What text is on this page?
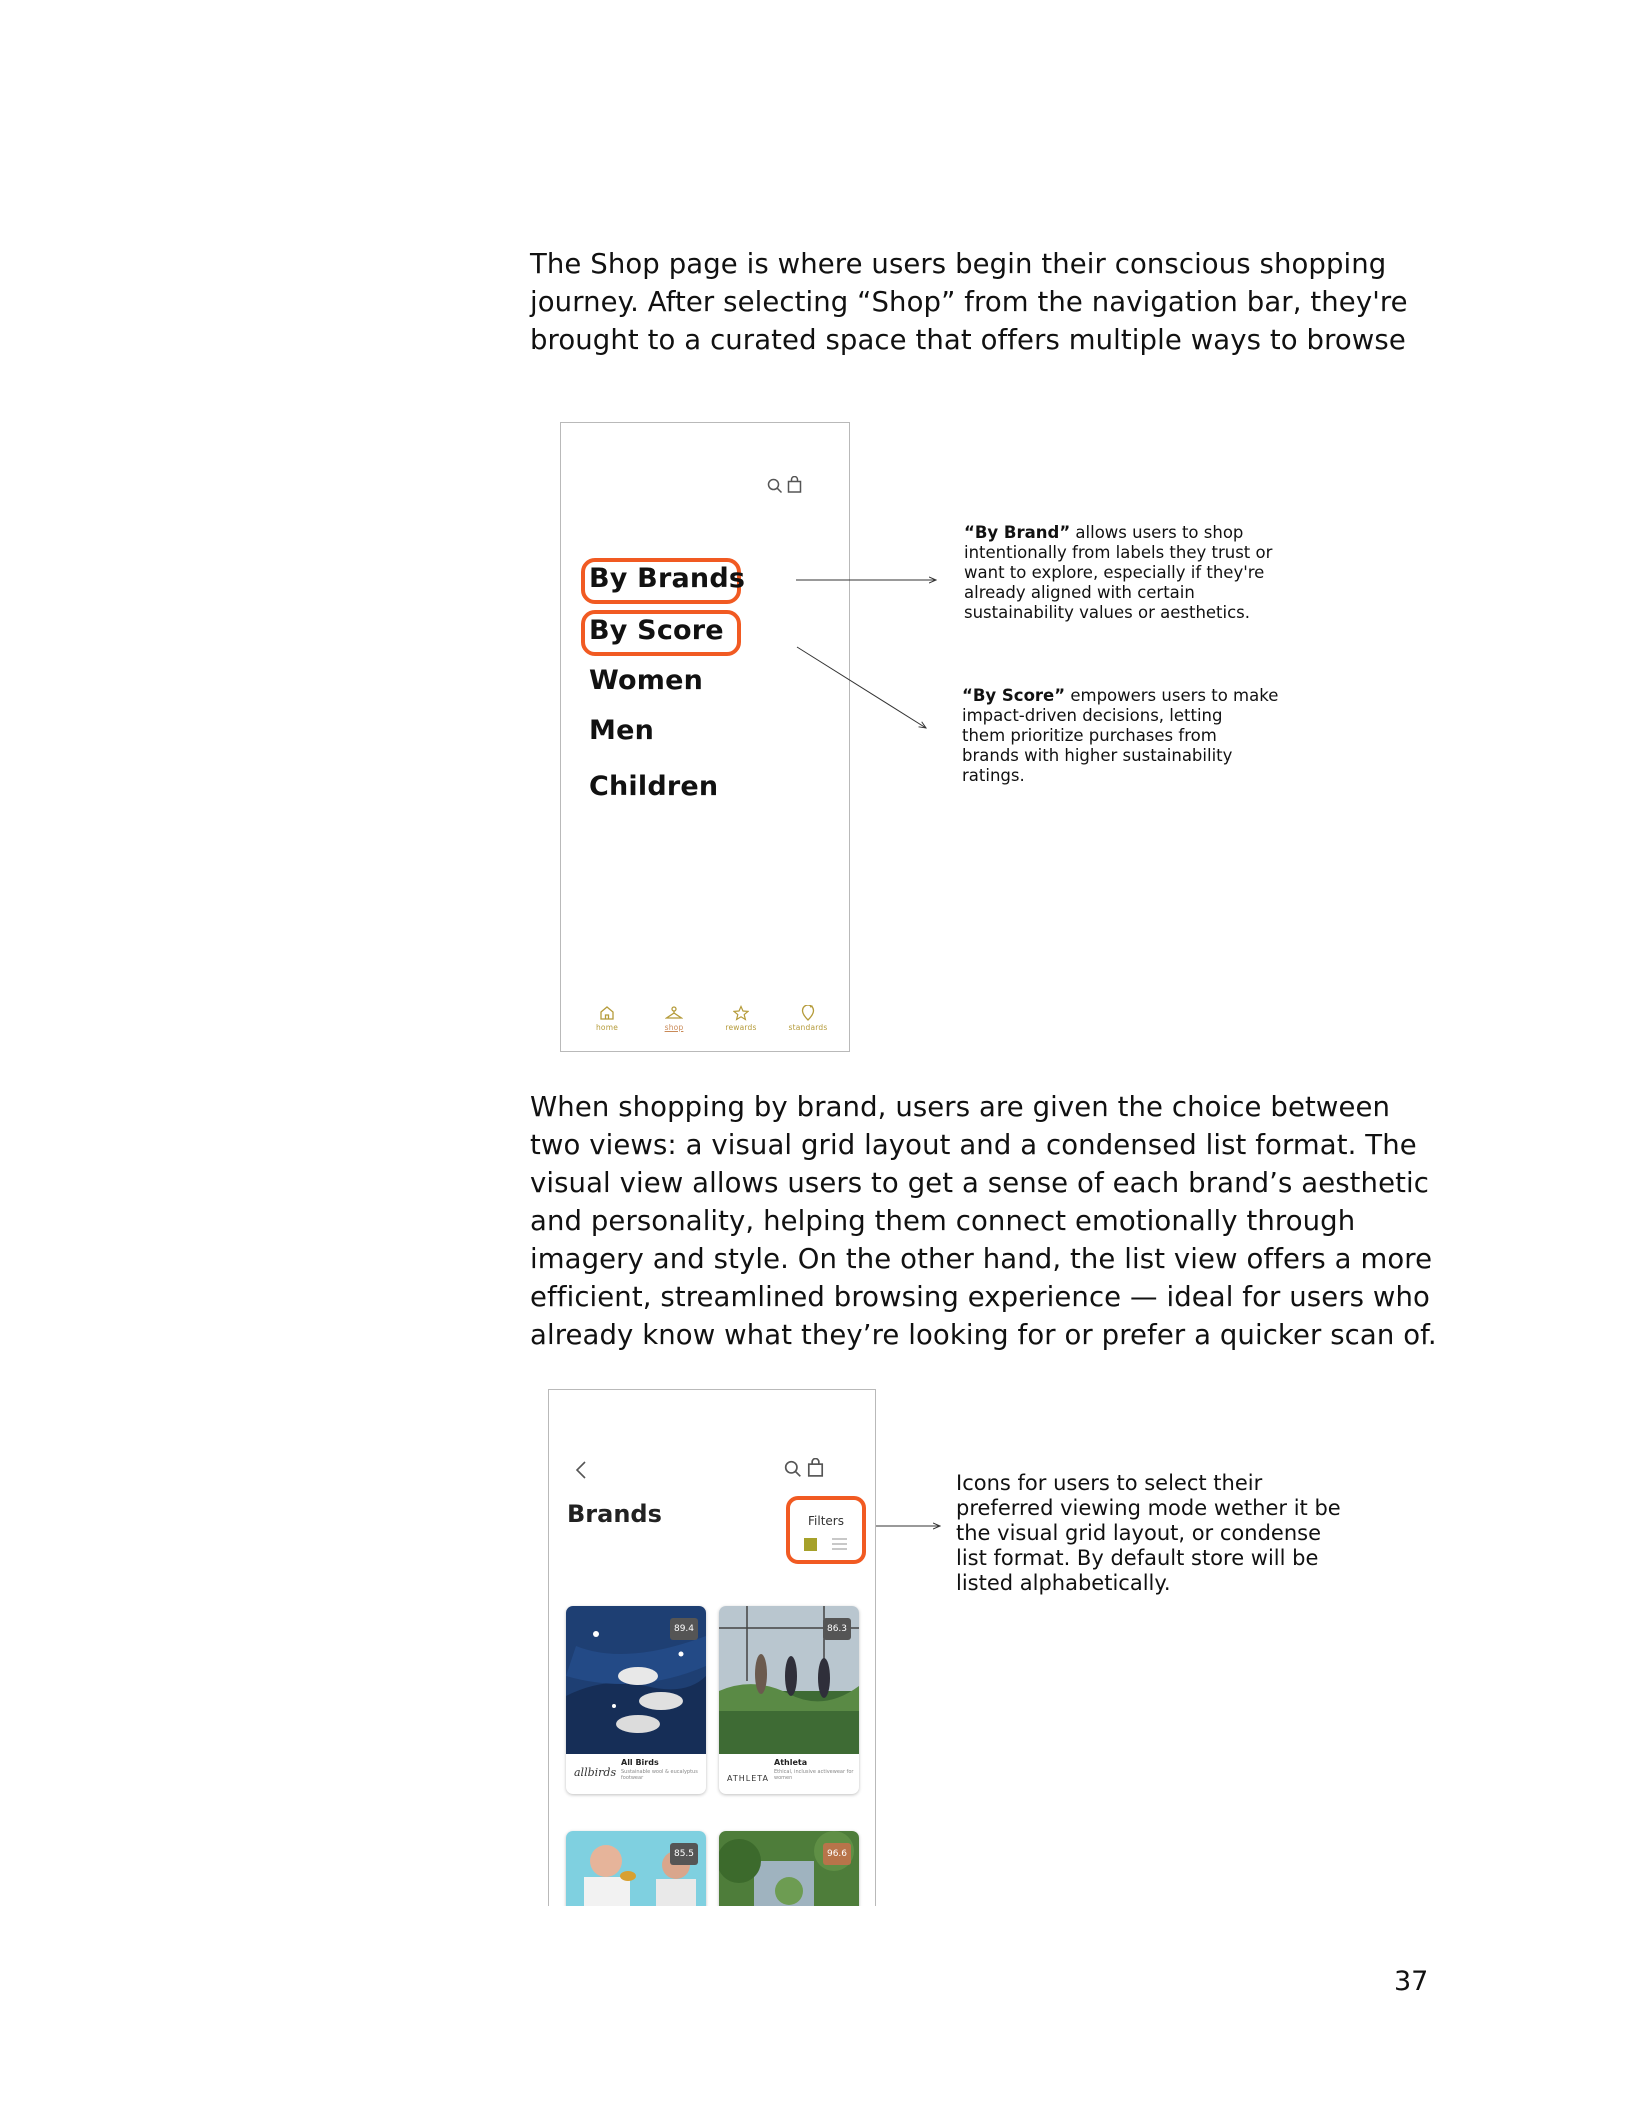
The Shop page is where users begin their conscious shopping
journey. After selecting “Shop” from the navigation bar, they're
brought to a curated space that offers multiple ways to browse

By Brands
By Score
Women
Men
Children
home	shop	rewards	standards
“By Brand” allows users to shop
intentionally from labels they trust or
want to explore, especially if they're
already aligned with certain
sustainability values or aesthetics.
“By Score” empowers users to make
impact-driven decisions, letting
them prioritize purchases from
brands with higher sustainability
ratings.

When shopping by brand, users are given the choice between
two views: a visual grid layout and a condensed list format. The
visual view allows users to get a sense of each brand’s aesthetic
and personality, helping them connect emotionally through
imagery and style. On the other hand, the list view offers a more
efficient, streamlined browsing experience — ideal for users who
already know what they’re looking for or prefer a quicker scan of.

Brands	Filters
89.4
allbirds
All Birds
Sustainable wool & eucalyptus footwear
86.3
ATHLETA
Athleta
Ethical, inclusive activewear for women
85.5	96.6
Icons for users to select their
preferred viewing mode wether it be
the visual grid layout, or condense
list format. By default store will be
listed alphabetically.
37
